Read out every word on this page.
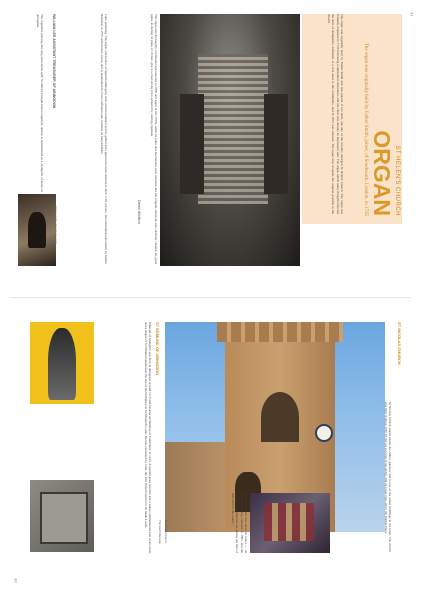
41
40
ST HELEN'S CHURCH
ORGAN
The organ was originally built by Father Smith, joiner, of Southwark, London, in 1725
The organ was originally built by Father Smith and was played, if not built, one day at the recently enlarged St Helen's Church. The organ was formally reopened in 1725 following a substantial restoration, and the choir was already an impressive unit. The organ, which many thought reflected the skill of Abingdon's craftsmen, is a rich asset to the community, and in 1827 was restored. The organ now occupies the original position in the church.
The organ was thoroughly overhauled and restored in 1899 and again in the 1970s, when its pipes and mechanism were renewed and the original casework was carefully cleaned. Its great pipes, including 34 pipes of 16 feet, give it a clear strong voice admired by visiting organists.
Later panelling. The organ casework is of Spanish mahogany with carved ornament and its gilded front pipes have been restored to their 1725 colours. The instrument was rebuilt by Martin Renshaw in 1970 with tracker action, and is maintained by local craftsmen who continue its long tradition.
Daniel Whittern
WILLIAM LEE ASSISTANT TREASURER OF ABINGDON
The organist's playing and long association with St Helen's brought him recognition, and he is remembered as a champion of music in Abingdon.
Statue in the church grounds
ST NICOLAS CHURCH
St Nicolas Church stands beside the Abbey gateway and is one of the oldest buildings in the town. The church was built in about 1180 for the lay servants of the Abbey and its tower rises above the Market Place.
The lower tower has survived intact — its Norman doorway, restored in 1881, and the Gothic tower windows are among the best of their kind in the county.
St Nicolas Church
The south doorway
ST EDMUND OF ABINGDON
Edmund of Abingdon was born in Abingdon around 1175 and became Archbishop of Canterbury in 1233. A stained glass window and a statue commemorate him in the town, and a chapel of St Edmund stands near the site of his birthplace in St Edmund's Lane. He was canonised in 1246, the first Oxford teacher to be made a saint.
